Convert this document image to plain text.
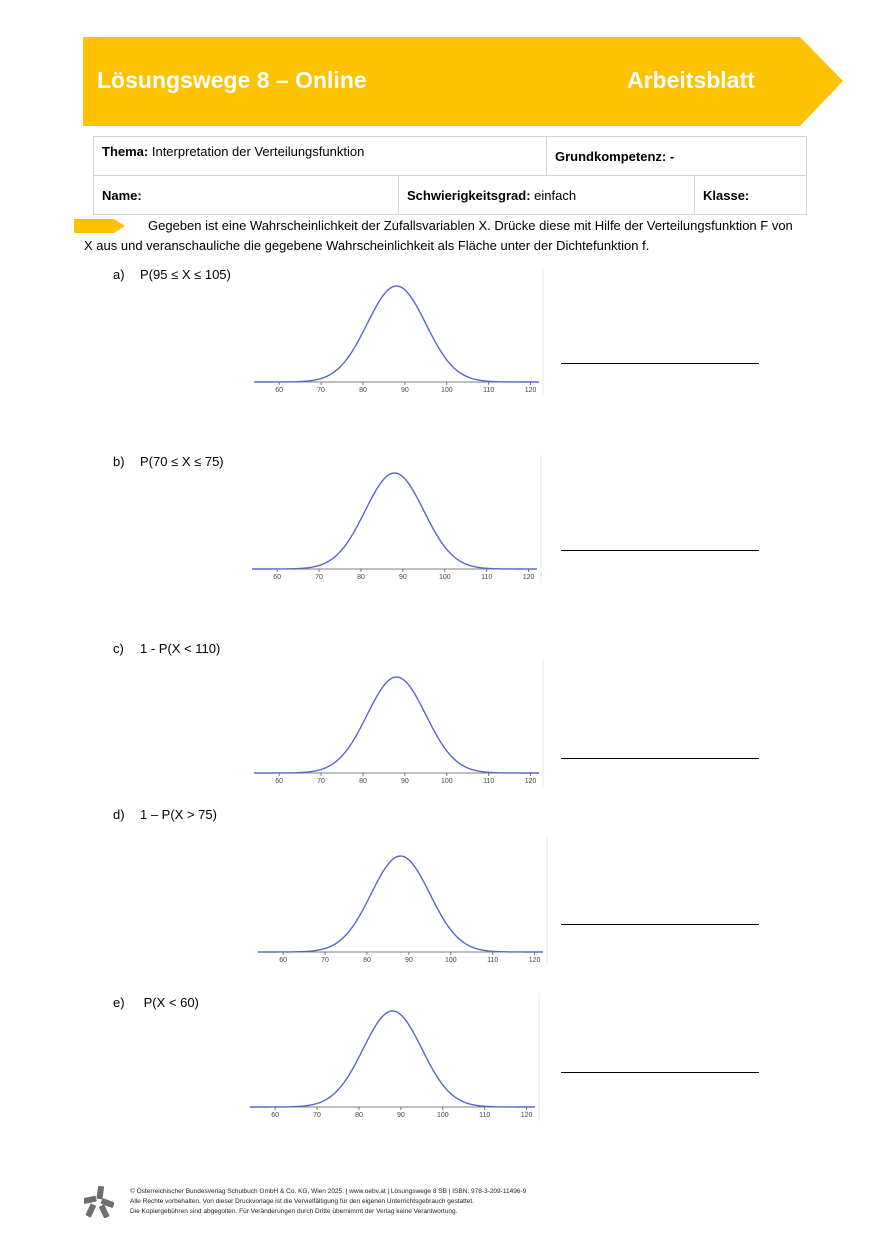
Lösungswege 8 – Online	Arbeitsblatt
Thema: Interpretation der Verteilungsfunktion		Grundkompetenz: -	
Name:	Schwierigkeitsgrad: einfach		Klasse:
Gegeben ist eine Wahrscheinlichkeit der Zufallsvariablen X. Drücke diese mit Hilfe der Verteilungsfunktion F von X aus und veranschauliche die gegebene Wahrscheinlichkeit als Fläche unter der Dichtefunktion f.
a) P(95 ≤ X ≤ 105)
b) P(70 ≤ X ≤ 75)
c) 1 - P(X < 110)
d) 1 – P(X > 75)
e) P(X < 60)
60	70	80	90	100	110	120
60	70	80	90	100	110	120
60	70	80	90	100	110	120
60	70	80	90	100	110	120
60	70	80	90	100	110	120
© Österreichischer Bundesverlag Schulbuch GmbH & Co. KG, Wien 2025. | www.oebv.at | Lösungswege 8 SB | ISBN: 978-3-209-11496-9
Alle Rechte vorbehalten. Von dieser Druckvorlage ist die Vervielfältigung für den eigenen Unterrichtsgebrauch gestattet.
Die Kopiergebühren sind abgegolten. Für Veränderungen durch Dritte übernimmt der Verlag keine Verantwortung.
